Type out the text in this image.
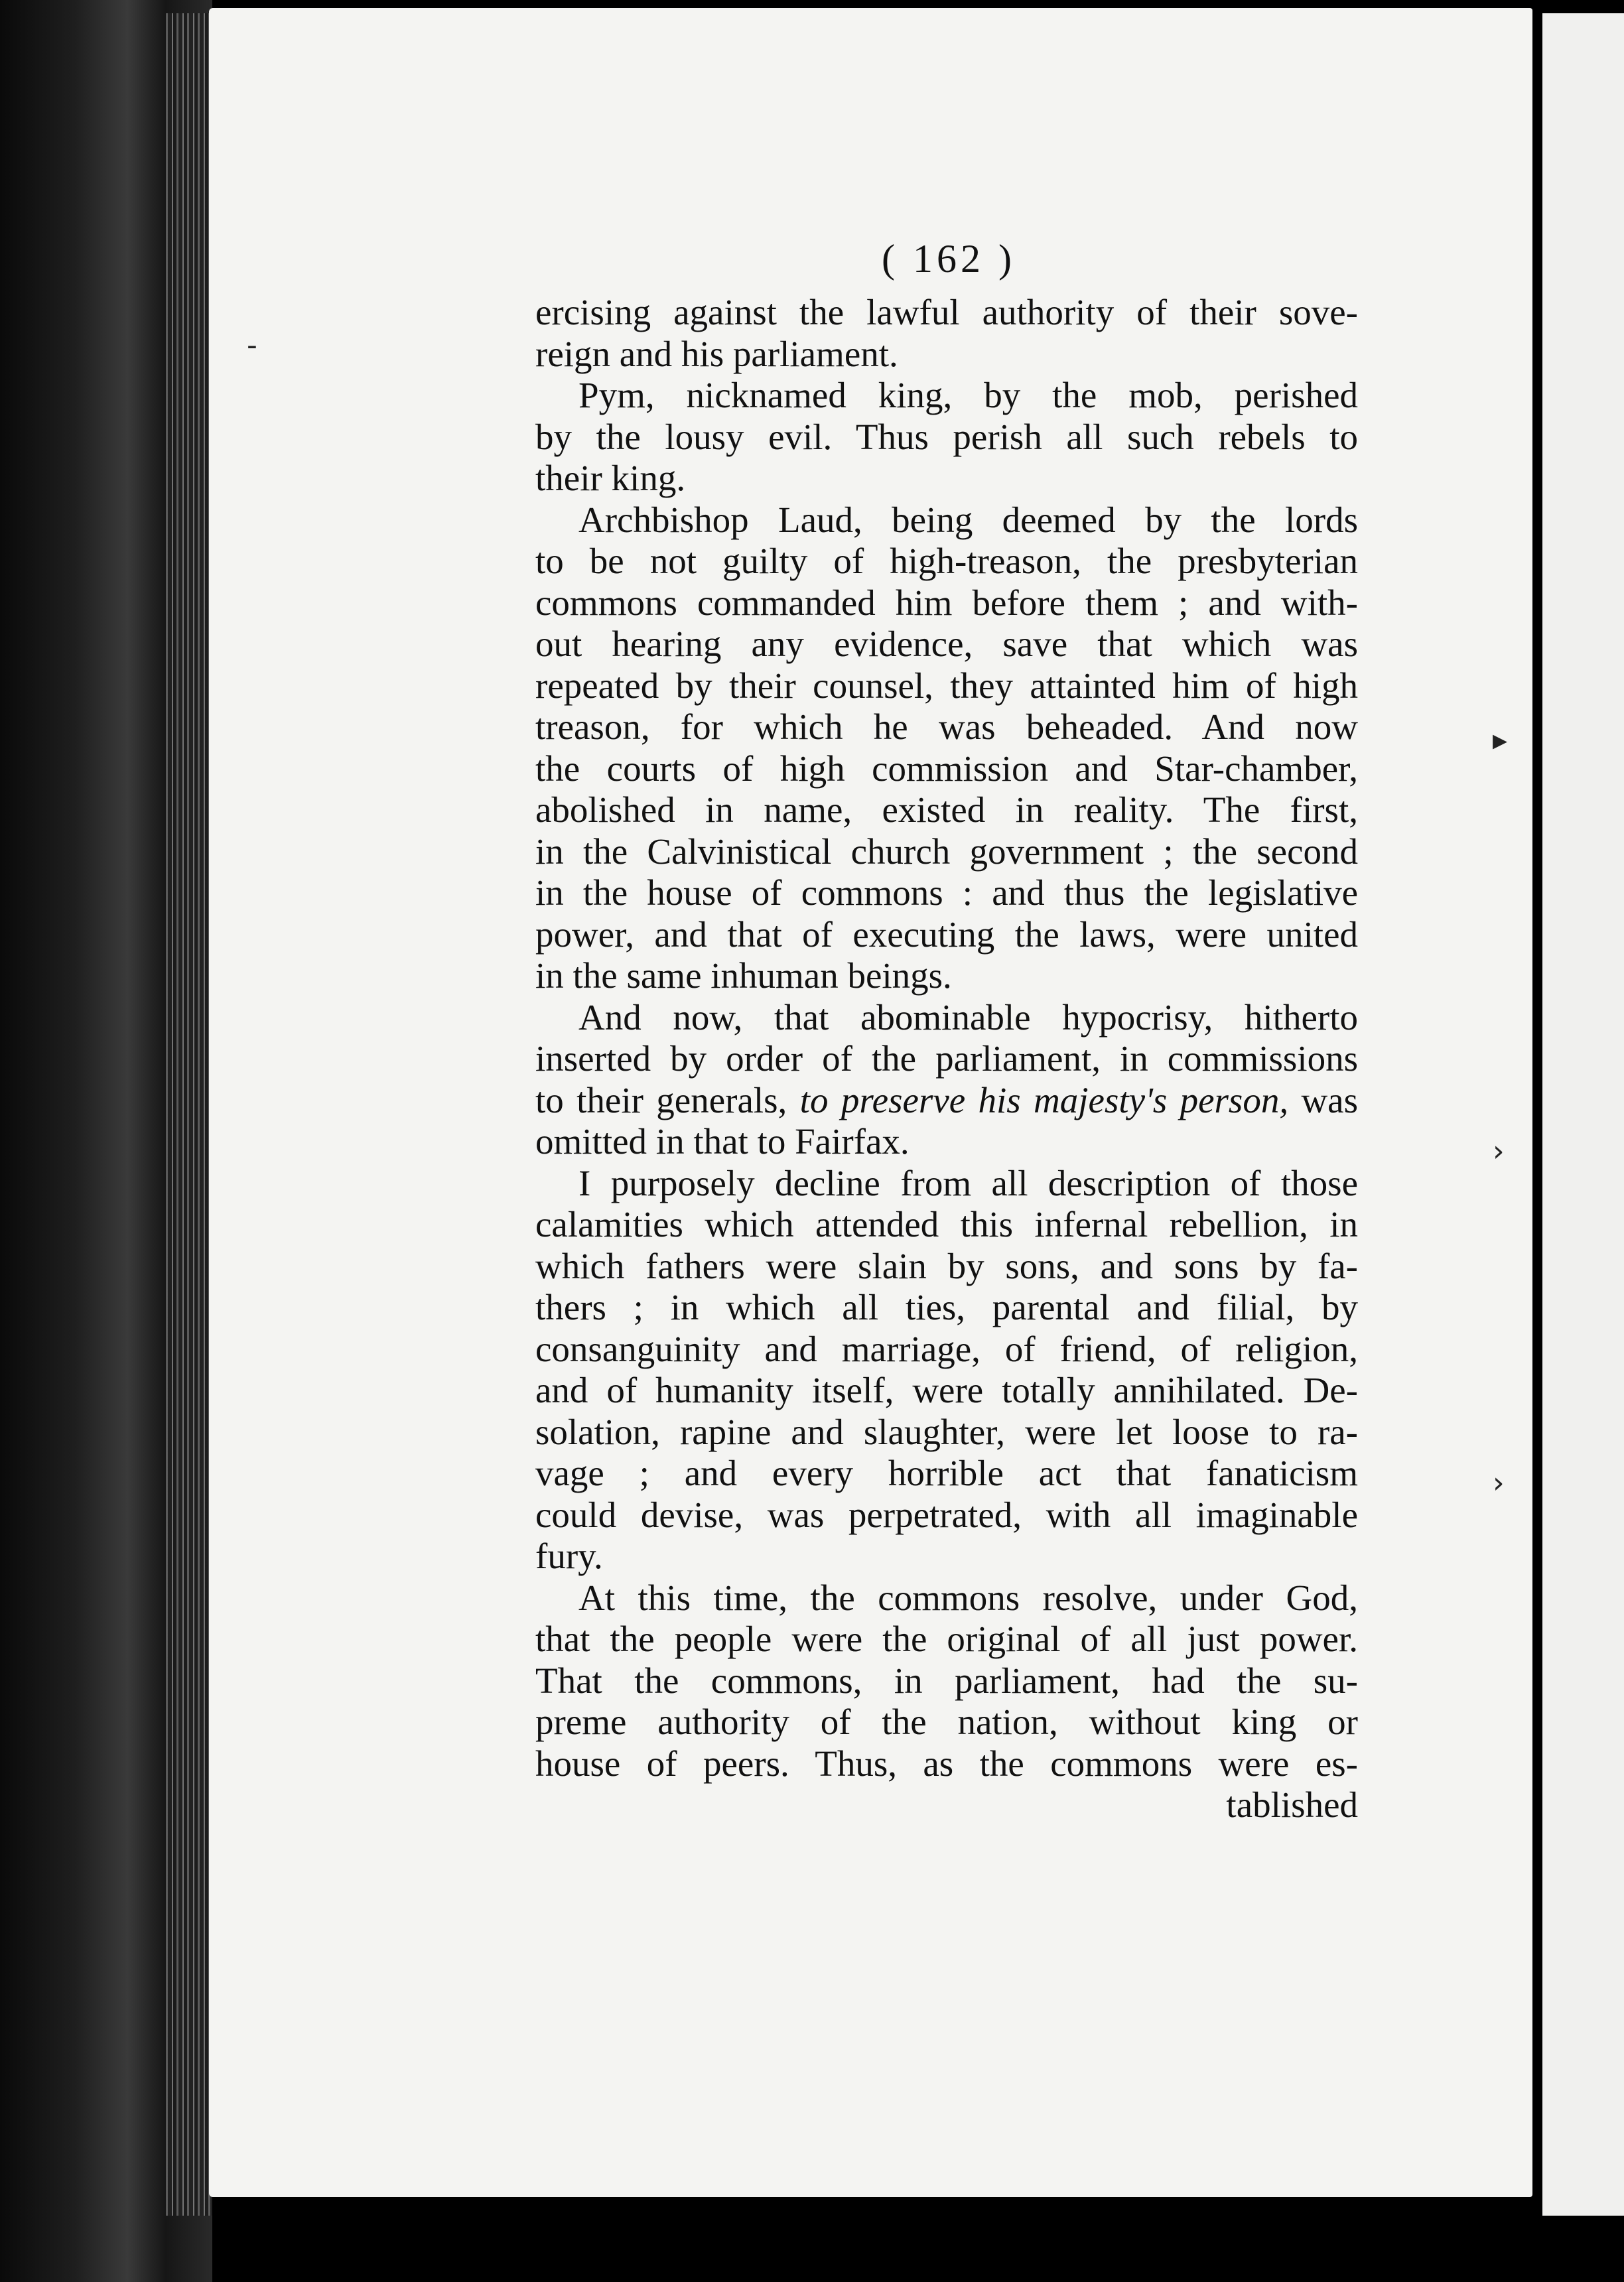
( 162 )
ercising against the lawful authority of their sove-
reign and his parliament.
Pym, nicknamed king, by the mob, perished
by the lousy evil. Thus perish all such rebels to
their king.
Archbishop Laud, being deemed by the lords
to be not guilty of high-treason, the presbyterian
commons commanded him before them ; and with-
out hearing any evidence, save that which was
repeated by their counsel, they attainted him of high
treason, for which he was beheaded. And now
the courts of high commission and Star-chamber,
abolished in name, existed in reality. The first,
in the Calvinistical church government ; the second
in the house of commons : and thus the legislative
power, and that of executing the laws, were united
in the same inhuman beings.
And now, that abominable hypocrisy, hitherto
inserted by order of the parliament, in commissions
to their generals, to preserve his majesty's person, was
omitted in that to Fairfax.
I purposely decline from all description of those
calamities which attended this infernal rebellion, in
which fathers were slain by sons, and sons by fa-
thers ; in which all ties, parental and filial, by
consanguinity and marriage, of friend, of religion,
and of humanity itself, were totally annihilated. De-
solation, rapine and slaughter, were let loose to ra-
vage ; and every horrible act that fanaticism
could devise, was perpetrated, with all imaginable
fury.
At this time, the commons resolve, under God,
that the people were the original of all just power.
That the commons, in parliament, had the su-
preme authority of the nation, without king or
house of peers. Thus, as the commons were es-
tablished
-
▸
›
›
